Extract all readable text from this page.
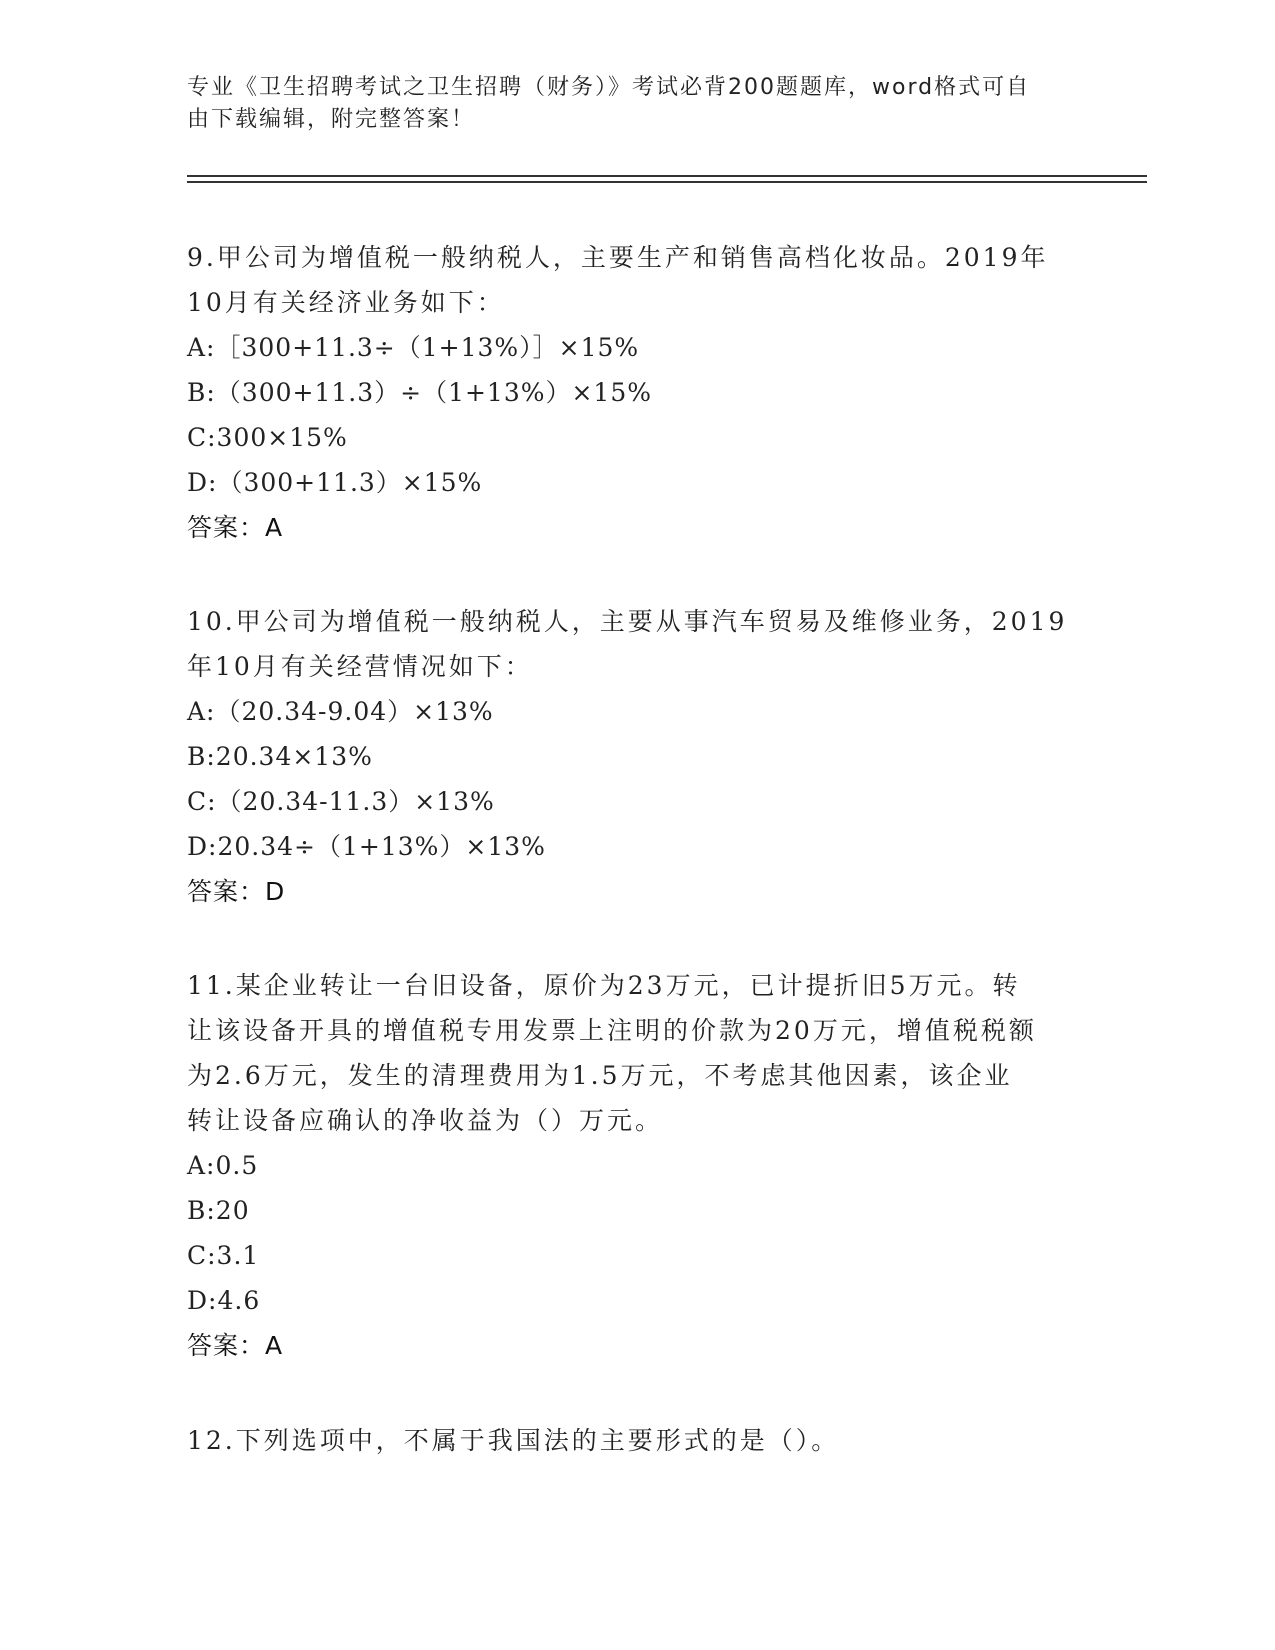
专业《卫生招聘考试之卫生招聘（财务）》考试必背200题题库，word格式可自
由下载编辑，附完整答案！
9.甲公司为增值税一般纳税人，主要生产和销售高档化妆品。2019年
10月有关经济业务如下：
A:［300+11.3÷（1+13%）］×15%
B:（300+11.3）÷（1+13%）×15%
C:300×15%
D:（300+11.3）×15%
答案：A
10.甲公司为增值税一般纳税人，主要从事汽车贸易及维修业务，2019
年10月有关经营情况如下：
A:（20.34-9.04）×13%
B:20.34×13%
C:（20.34-11.3）×13%
D:20.34÷（1+13%）×13%
答案：D
11.某企业转让一台旧设备，原价为23万元，已计提折旧5万元。转
让该设备开具的增值税专用发票上注明的价款为20万元，增值税税额
为2.6万元，发生的清理费用为1.5万元，不考虑其他因素，该企业
转让设备应确认的净收益为（）万元。
A:0.5
B:20
C:3.1
D:4.6
答案：A
12.下列选项中，不属于我国法的主要形式的是（）。
